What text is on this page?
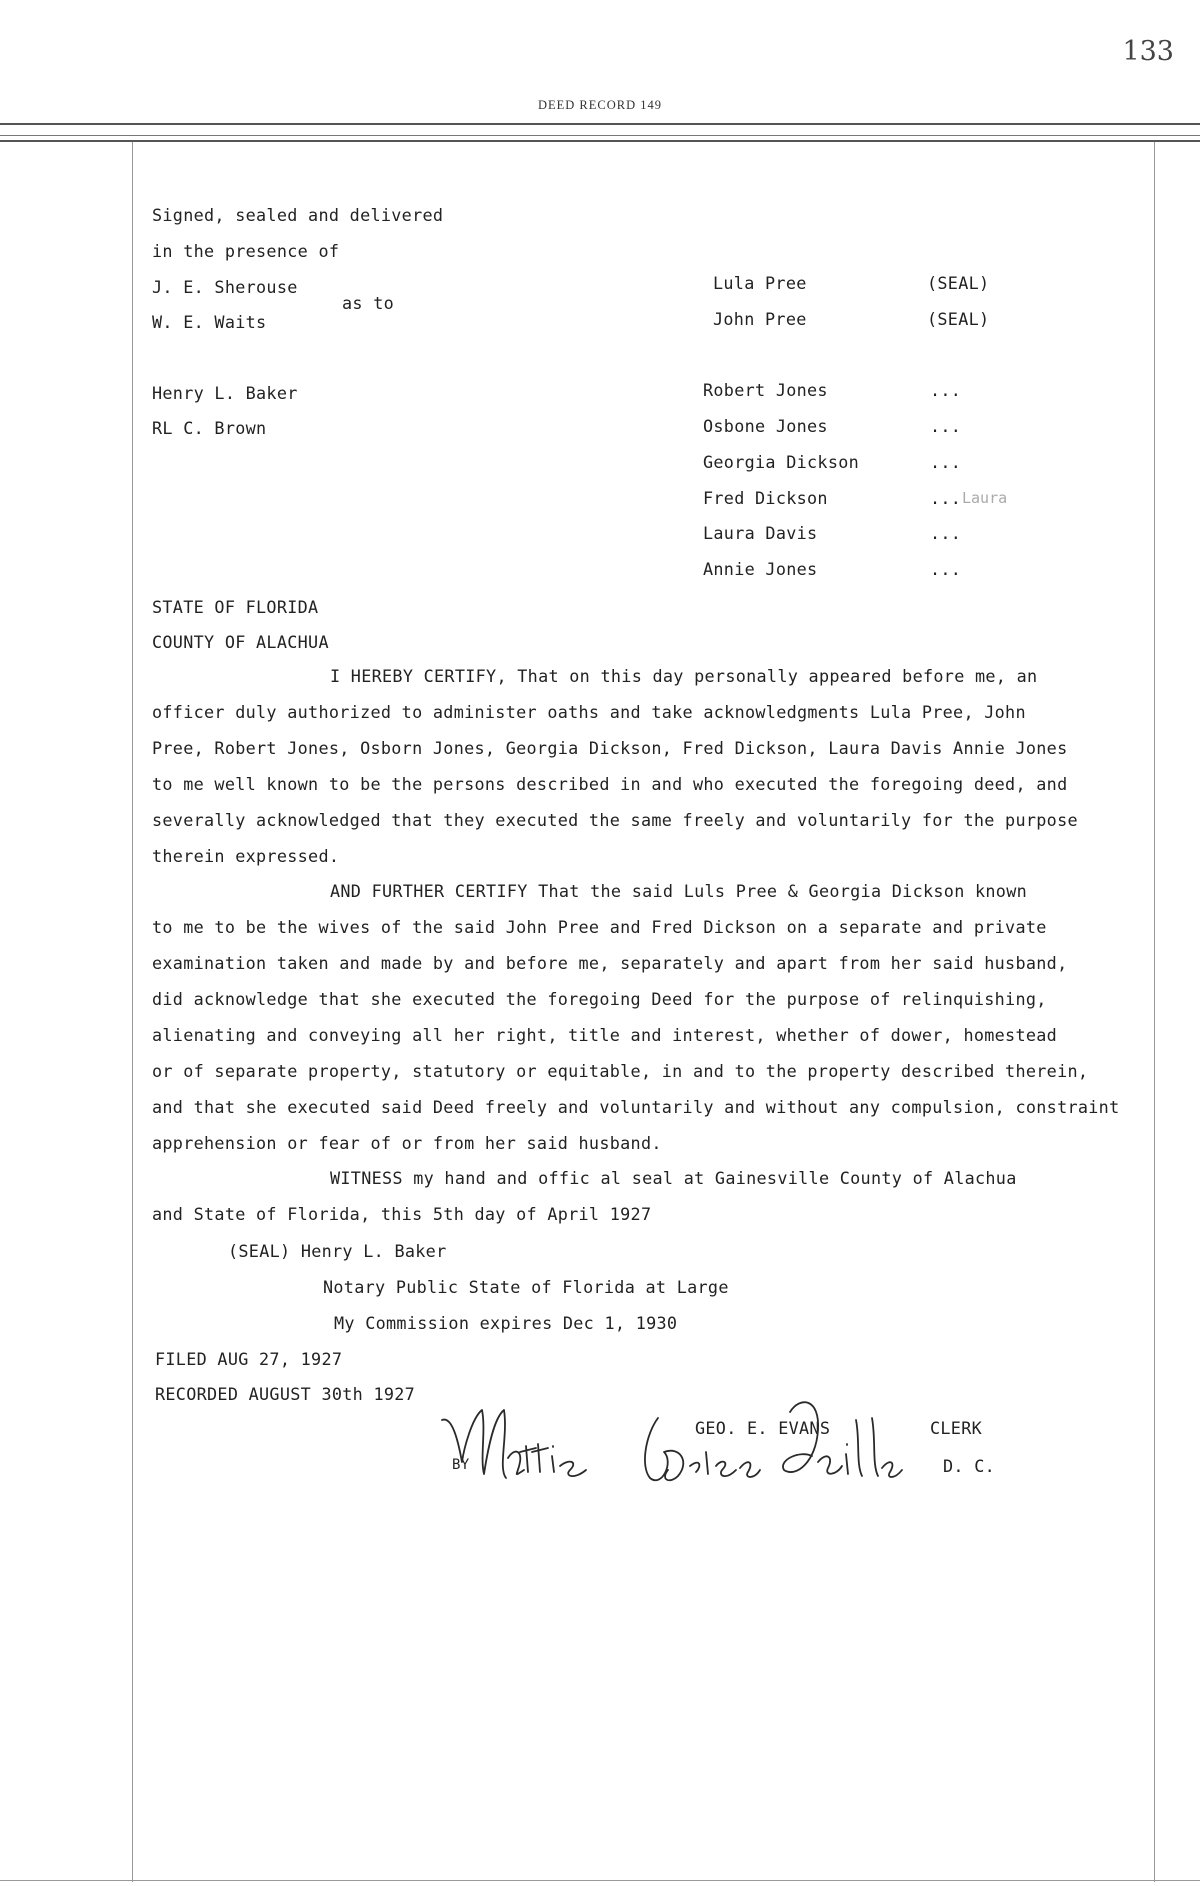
133
DEED RECORD 149
Signed, sealed and delivered
in the presence of
J. E. Sherouse
as to
W. E. Waits
Henry L. Baker
RL C. Brown
Lula Pree	(SEAL)
John Pree	(SEAL)
Robert Jones	...
Osbone Jones	...
Georgia Dickson	...
Fred Dickson	... Laura
Laura Davis	...
Annie Jones	...
STATE OF FLORIDA
COUNTY OF ALACHUA
I HEREBY CERTIFY, That on this day personally appeared before me, an
officer duly authorized to administer oaths and take acknowledgments Lula Pree, John
Pree, Robert Jones, Osborn Jones, Georgia Dickson, Fred Dickson, Laura Davis Annie Jones
to me well known to be the persons described in and who executed the foregoing deed, and
severally acknowledged that they executed the same freely and voluntarily for the purpose
therein expressed.
AND FURTHER CERTIFY That the said Luls Pree & Georgia Dickson known
to me to be the wives of the said John Pree and Fred Dickson on a separate and private
examination taken and made by and before me, separately and apart from her said husband,
did acknowledge that she executed the foregoing Deed for the purpose of relinquishing,
alienating and conveying all her right, title and interest, whether of dower, homestead
or of separate property, statutory or equitable, in and to the property described therein,
and that she executed said Deed freely and voluntarily and without any compulsion, constraint
apprehension or fear of or from her said husband.
WITNESS my hand and offic al seal at Gainesville County of Alachua
and State of Florida, this 5th day of April 1927
(SEAL) Henry L. Baker
Notary Public State of Florida at Large
My Commission expires Dec 1, 1930
FILED AUG 27, 1927
RECORDED AUGUST 30th 1927
BY
GEO. E. EVANS	CLERK
D. C.
